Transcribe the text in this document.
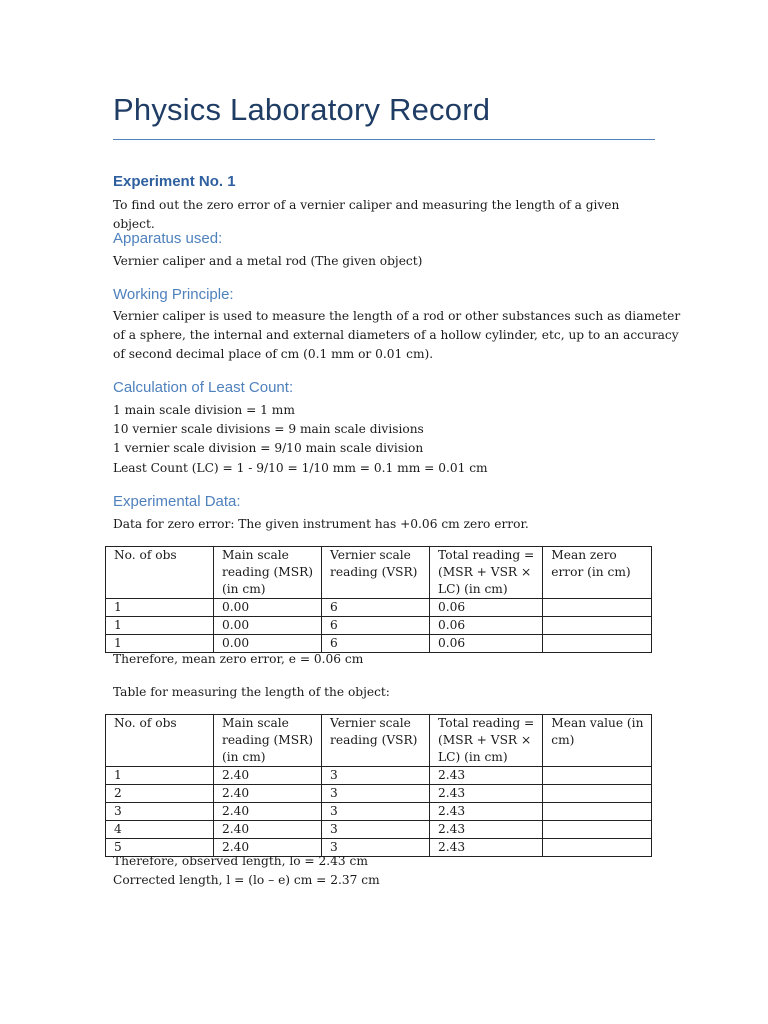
Physics Laboratory Record
Experiment No. 1

To find out the zero error of a vernier caliper and measuring the length of a given object.

Apparatus used:

Vernier caliper and a metal rod (The given object)

Working Principle:

Vernier caliper is used to measure the length of a rod or other substances such as diameter
of a sphere, the internal and external diameters of a hollow cylinder, etc, up to an accuracy
of second decimal place of cm (0.1 mm or 0.01 cm).

Calculation of Least Count:

1 main scale division = 1 mm
10 vernier scale divisions = 9 main scale divisions
1 vernier scale division = 9/10 main scale division
Least Count (LC) = 1 - 9/10 = 1/10 mm = 0.1 mm = 0.01 cm

Experimental Data:

Data for zero error: The given instrument has +0.06 cm zero error.

No. of obs	Main scale
reading (MSR)
(in cm)	Vernier scale
reading (VSR)	Total reading =
(MSR + VSR ×
LC) (in cm)	Mean zero
error (in cm)

1	0.00	6	0.06	
1	0.00	6	0.06	
1	0.00	6	0.06	
Therefore, mean zero error, e = 0.06 cm
Table for measuring the length of the object:
No. of obs	Main scale
reading (MSR)
(in cm)	Vernier scale
reading (VSR)	Total reading =
(MSR + VSR ×
LC) (in cm)	Mean value (in
cm)

1	2.40	3	2.43	
2	2.40	3	2.43	
3	2.40	3	2.43	
4	2.40	3	2.43	
5	2.40	3	2.43	
Therefore, observed length, lo = 2.43 cm
Corrected length, l = (lo – e) cm = 2.37 cm
